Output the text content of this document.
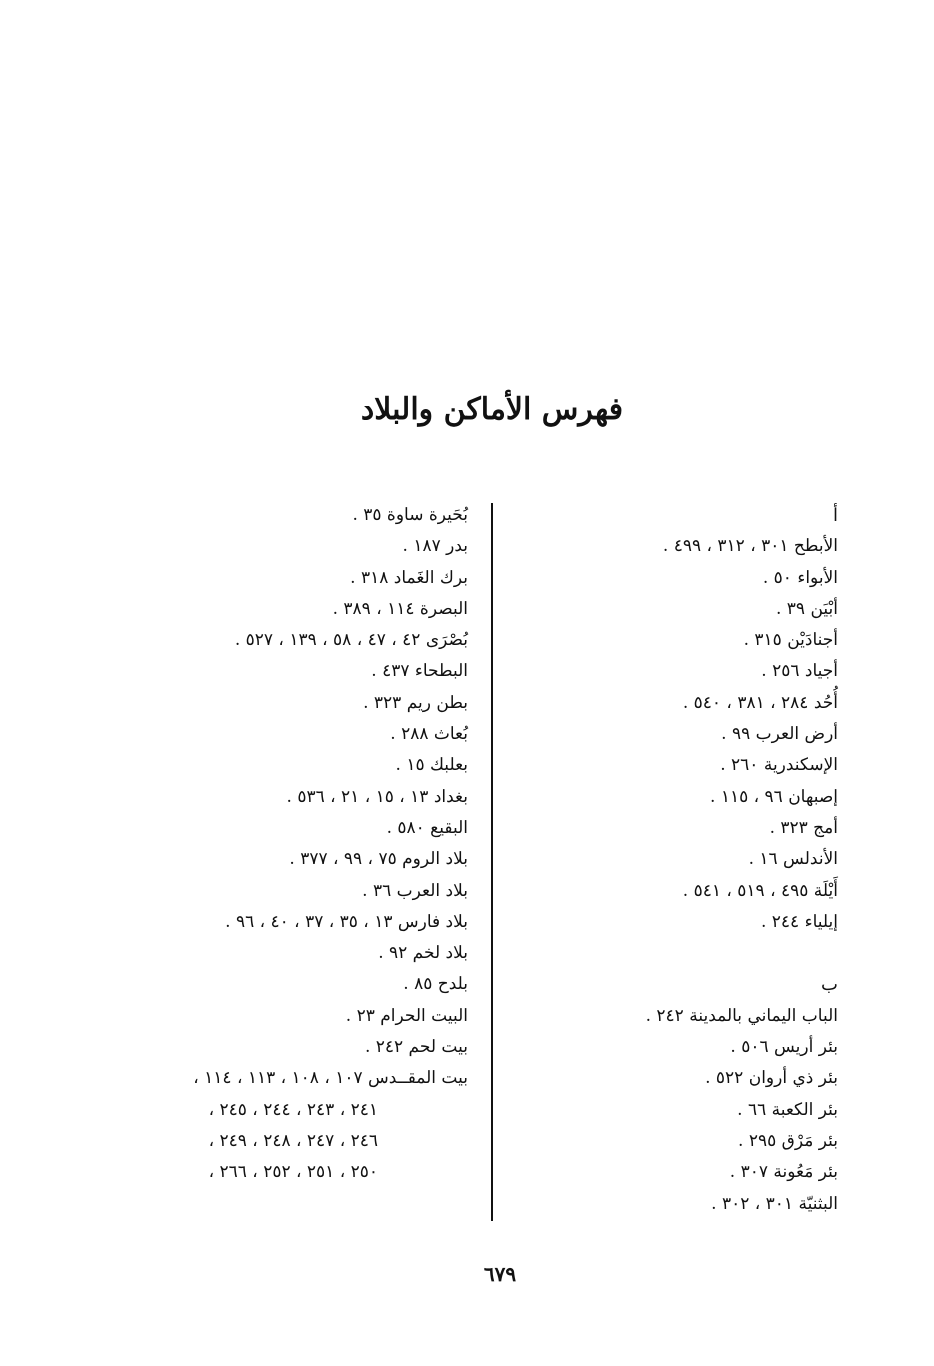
فهرس الأماكن والبلاد
أ
الأبطح ٣٠١ ، ٣١٢ ، ٤٩٩ .
الأبواء ٥٠ .
أبْيَن ٣٩ .
أجنادَيْن ٣١٥ .
أجياد ٢٥٦ .
أُحُد ٢٨٤ ، ٣٨١ ، ٥٤٠ .
أرض العرب ٩٩ .
الإسكندرية ٢٦٠ .
إصبهان ٩٦ ، ١١٥ .
أمج ٣٢٣ .
الأندلس ١٦ .
أَيْلَة ٤٩٥ ، ٥١٩ ، ٥٤١ .
إيلياء ٢٤٤ .
ب
الباب اليماني بالمدينة ٢٤٢ .
بئر أريس ٥٠٦ .
بئر ذي أروان ٥٢٢ .
بئر الكعبة ٦٦ .
بئر مَرْق ٢٩٥ .
بئر مَعُونة ٣٠٧ .
البثنيّة ٣٠١ ، ٣٠٢ .
بُحَيرة ساوة ٣٥ .
بدر ١٨٧ .
برك الغَماد ٣١٨ .
البصرة ١١٤ ، ٣٨٩ .
بُصْرَى ٤٢ ، ٤٧ ، ٥٨ ، ١٣٩ ، ٥٢٧ .
البطحاء ٤٣٧ .
بطن ريم ٣٢٣ .
بُعاث ٢٨٨ .
بعلبك ١٥ .
بغداد ١٣ ، ١٥ ، ٢١ ، ٥٣٦ .
البقيع ٥٨٠ .
بلاد الروم ٧٥ ، ٩٩ ، ٣٧٧ .
بلاد العرب ٣٦ .
بلاد فارس ١٣ ، ٣٥ ، ٣٧ ، ٤٠ ، ٩٦ .
بلاد لخم ٩٢ .
بلدح ٨٥ .
البيت الحرام ٢٣ .
بيت لحم ٢٤٢ .
بيت المقــدس ١٠٧ ، ١٠٨ ، ١١٣ ، ١١٤ ،
٢٤١ ، ٢٤٣ ، ٢٤٤ ، ٢٤٥ ،
٢٤٦ ، ٢٤٧ ، ٢٤٨ ، ٢٤٩ ،
٢٥٠ ، ٢٥١ ، ٢٥٢ ، ٢٦٦ ،
٦٧٩
